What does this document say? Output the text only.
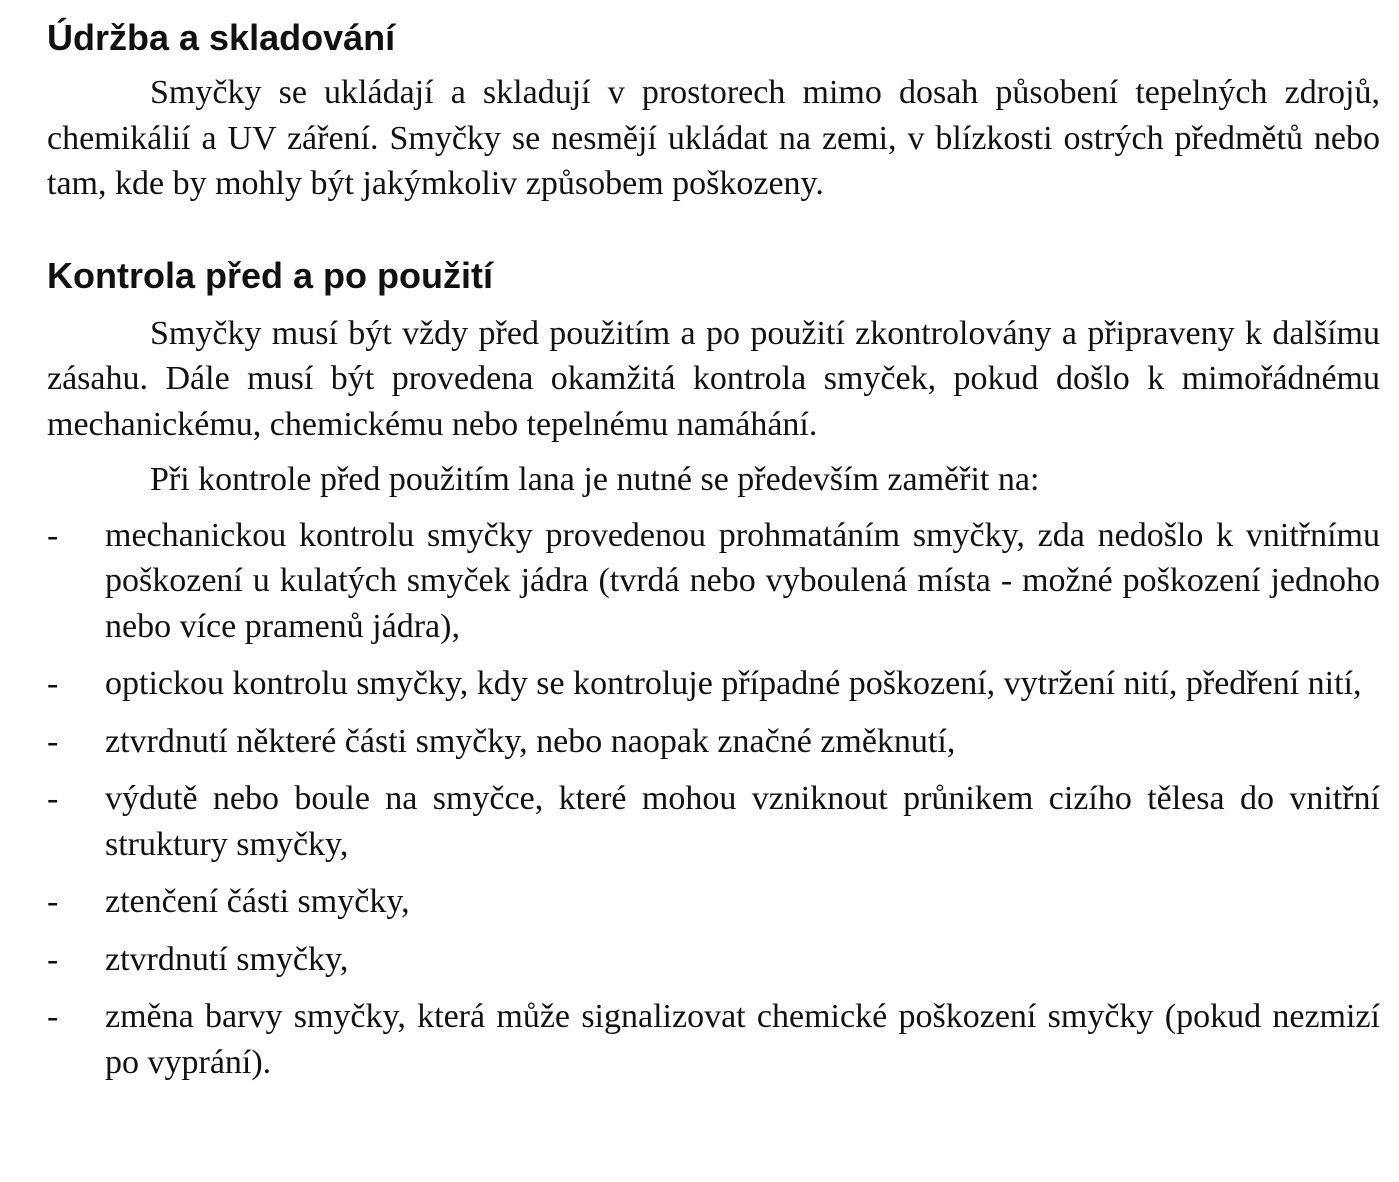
Údržba a skladování

Smyčky se ukládají a skladují v prostorech mimo dosah působení tepelných zdrojů, chemikálií a UV záření. Smyčky se nesmějí ukládat na zemi, v blízkosti ostrých předmětů nebo tam, kde by mohly být jakýmkoliv způsobem poškozeny.

Kontrola před a po použití

Smyčky musí být vždy před použitím a po použití zkontrolovány a připraveny k dalšímu zásahu. Dále musí být provedena okamžitá kontrola smyček, pokud došlo k mimořádnému mechanickému, chemickému nebo tepelnému namáhání.

Při kontrole před použitím lana je nutné se především zaměřit na:

- mechanickou kontrolu smyčky provedenou prohmatáním smyčky, zda nedošlo k vnitřnímu poškození u kulatých smyček jádra (tvrdá nebo vyboulená místa - možné poškození jednoho nebo více pramenů jádra),
- optickou kontrolu smyčky, kdy se kontroluje případné poškození, vytržení nití, předření nití,
- ztvrdnutí některé části smyčky, nebo naopak značné změknutí,
- výdutě nebo boule na smyčce, které mohou vzniknout průnikem cizího tělesa do vnitřní struktury smyčky,
- ztenčení části smyčky,
- ztvrdnutí smyčky,
- změna barvy smyčky, která může signalizovat chemické poškození smyčky (pokud nezmizí po vyprání).
